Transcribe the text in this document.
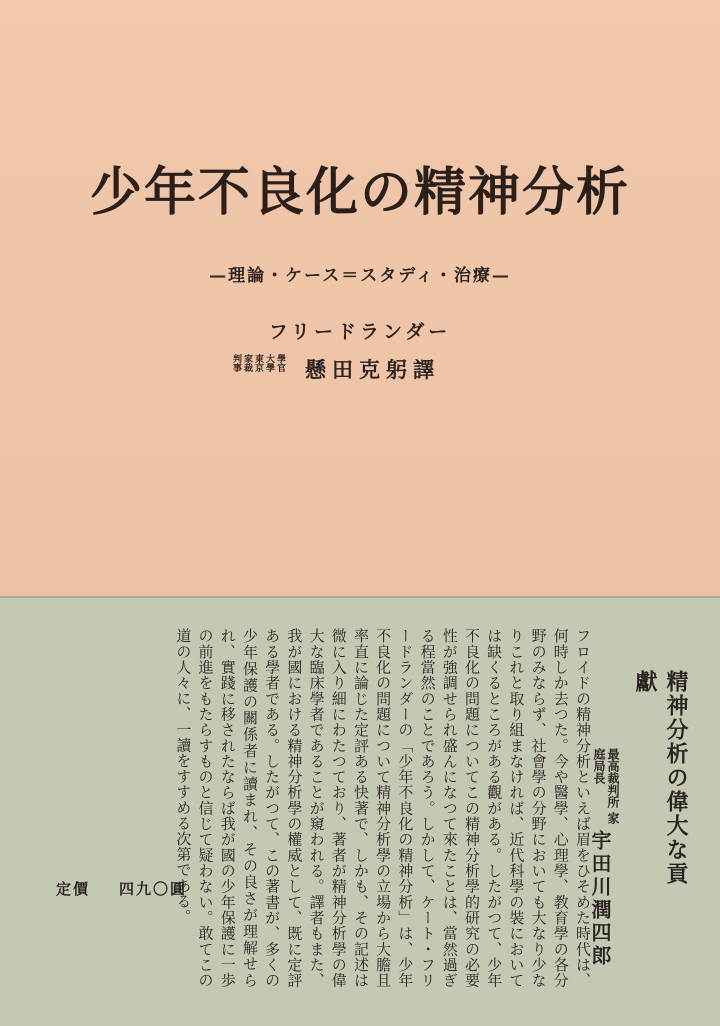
少年不良化の精神分析
—理論・ケース＝スタディ・治療—
フリードランダー
學官 大學 東京 家裁 判事	懸田克躬譯
フロイドの精神分析といえば眉をひそめた時代は、何時しか去つた。今や醫學、心理學、教育學の各分野のみならず、社會學の分野においても大なり少なりこれと取り組まなければ、近代科學の裝においては缺くるところがある觀がある。したがつて、少年不良化の問題についてこの精神分析學的研究の必要性が強調せられ盛んになつて來たことは、當然過ぎる程當然のことであろう。しかして、ケート・フリードランダーの「少年不良化の精神分析」は、少年不良化の問題について精神分析學の立場から大膽且率直に論じた定評ある快著で、しかも、その記述は微に入り細にわたつており、著者が精神分析學の偉大な臨床學者であることが窺われる。譯者もまた、我が國における精神分析學の權威として、既に定評ある學者である。したがつて、この著書が、多くの少年保護の關係者に讀まれ、その良さが理解せられ、實踐に移されたならば我が國の少年保護に一歩の前進をもたらすものと信じて疑わない。敢てこの道の人々に、一讀をすすめる次第である。	精神分析の偉大な貢獻
最高裁判所 家庭局長
宇田川潤四郎
定價 四九〇圓
